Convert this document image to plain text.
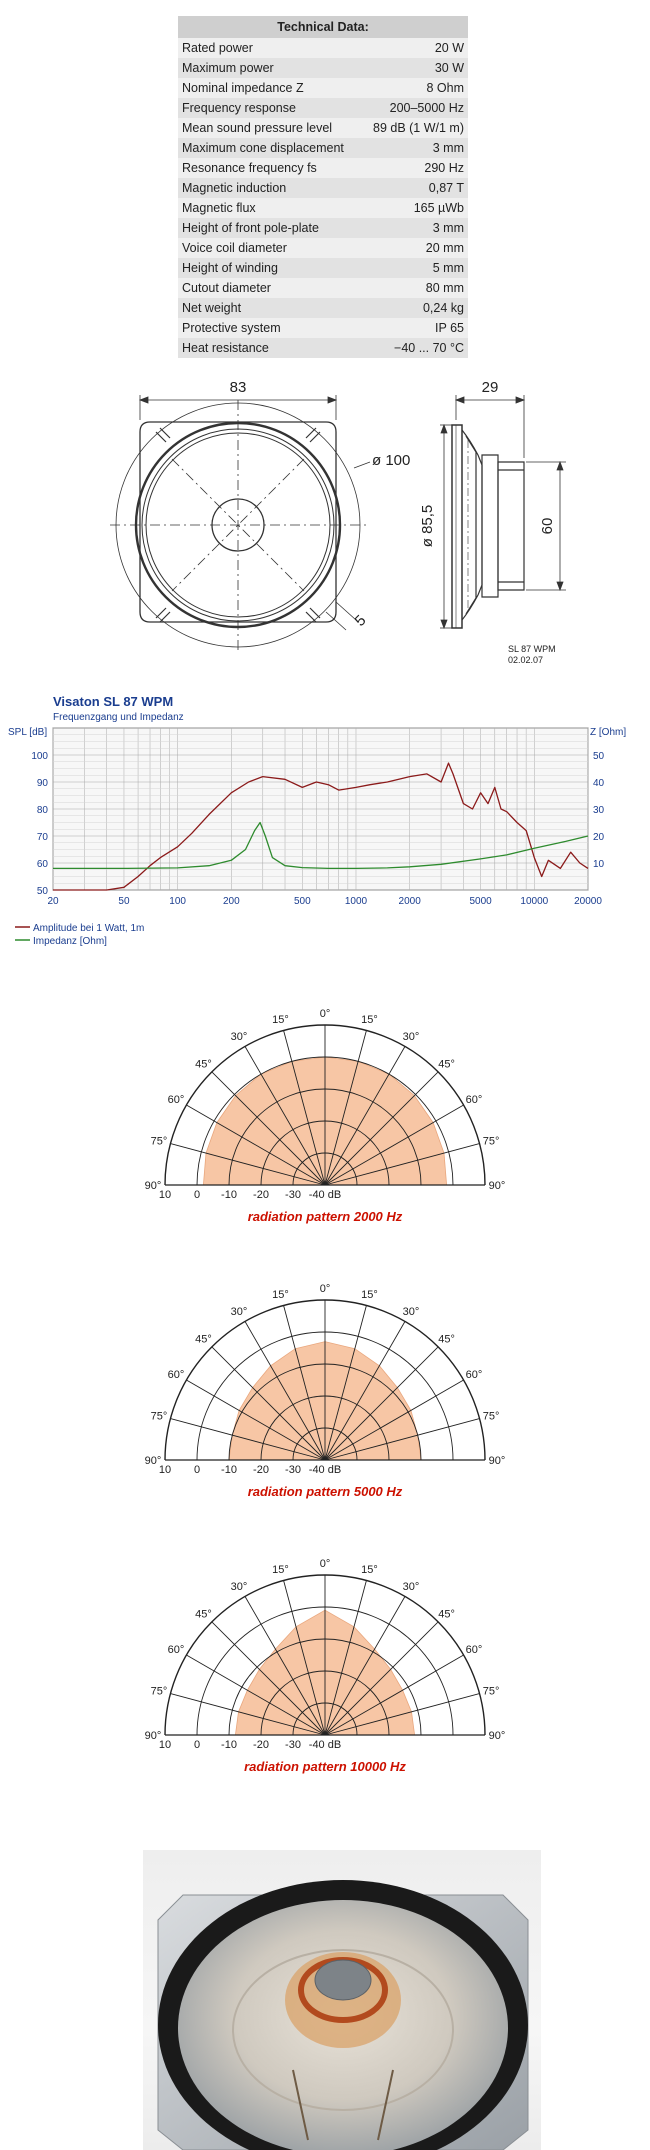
Technical Data:	
Rated power	20 W
Maximum power	30 W
Nominal impedance Z	8 Ohm
Frequency response	200–5000 Hz
Mean sound pressure level	89 dB (1 W/1 m)
Maximum cone displacement	3 mm
Resonance frequency fs	290 Hz
Magnetic induction	0,87 T
Magnetic flux	165 µWb
Height of front pole-plate	3 mm
Voice coil diameter	20 mm
Height of winding	5 mm
Cutout diameter	80 mm
Net weight	0,24 kg
Protective system	IP 65
Heat resistance	−40 ... 70 °C
83
ø 100
5
29
ø 85,5	60
SL 87 WPM
02.02.07
Visaton SL 87 WPM
Frequenzgang und Impedanz
SPL [dB]	Z [Ohm]
20	50	100	200	500	1000	2000	5000	10000	20000
50
60
70
80
90
100
10
20
30
40
50
Amplitude bei 1 Watt, 1m
Impedanz [Ohm]
0°
15°	15°
30°	30°
45°	45°
60°	60°
75°	75°
90°	90°
10 0 -10 -20 -30 -40 dB
radiation pattern 2000 Hz
0°
15°	15°
30°	30°
45°	45°
60°	60°
75°	75°
90°	90°
10 0 -10 -20 -30 -40 dB
radiation pattern 5000 Hz
0°
15°	15°
30°	30°
45°	45°
60°	60°
75°	75°
90°	90°
10 0 -10 -20 -30 -40 dB
radiation pattern 10000 Hz
